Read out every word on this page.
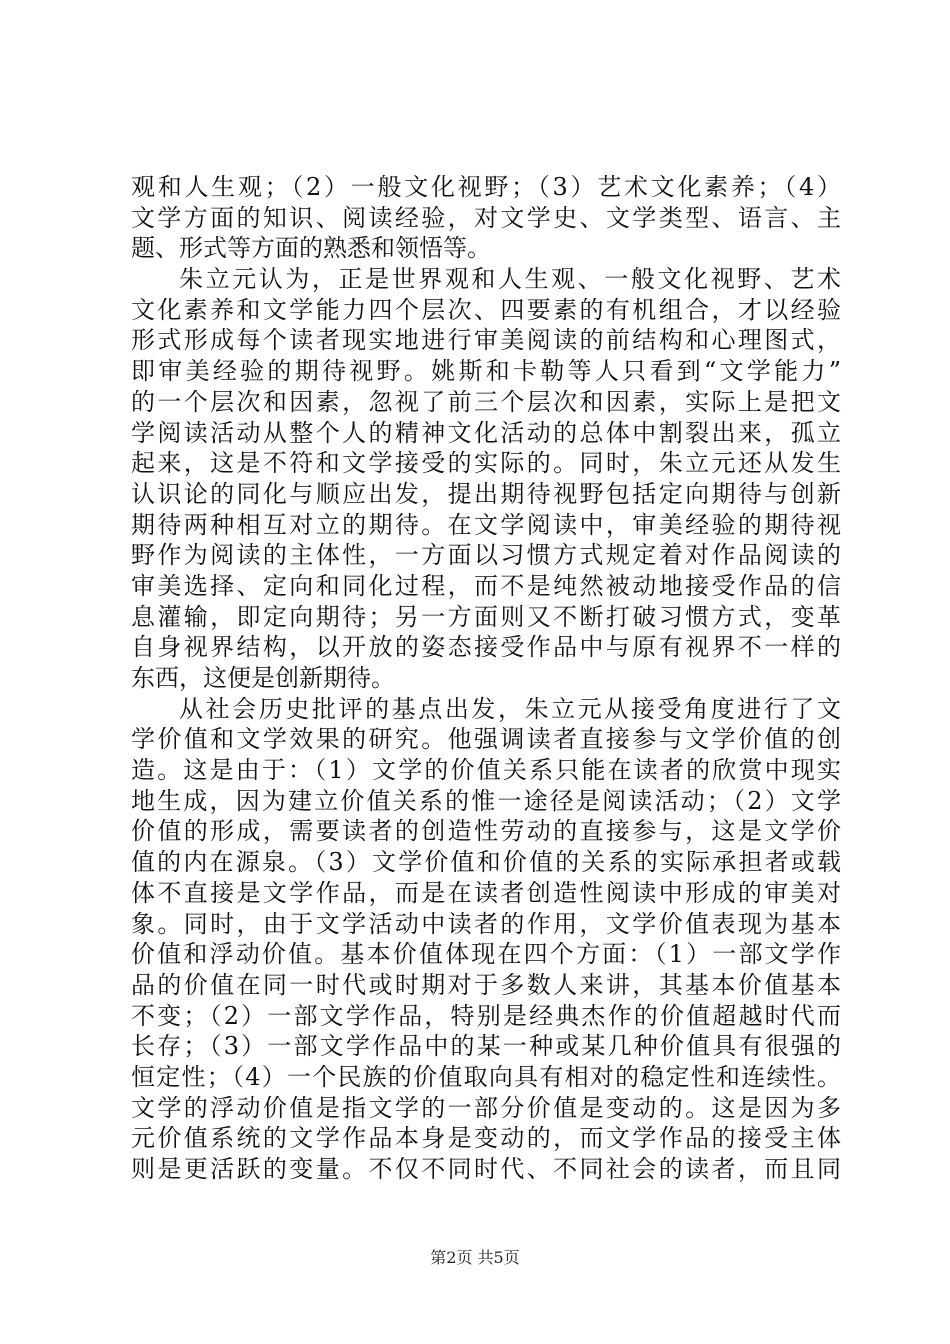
观和人生观；（2）一般文化视野；（3）艺术文化素养；（4）
文学方面的知识、阅读经验，对文学史、文学类型、语言、主
题、形式等方面的熟悉和领悟等。
朱立元认为，正是世界观和人生观、一般文化视野、艺术
文化素养和文学能力四个层次、四要素的有机组合，才以经验
形式形成每个读者现实地进行审美阅读的前结构和心理图式，
即审美经验的期待视野。姚斯和卡勒等人只看到“文学能力”
的一个层次和因素，忽视了前三个层次和因素，实际上是把文
学阅读活动从整个人的精神文化活动的总体中割裂出来，孤立
起来，这是不符和文学接受的实际的。同时，朱立元还从发生
认识论的同化与顺应出发，提出期待视野包括定向期待与创新
期待两种相互对立的期待。在文学阅读中，审美经验的期待视
野作为阅读的主体性，一方面以习惯方式规定着对作品阅读的
审美选择、定向和同化过程，而不是纯然被动地接受作品的信
息灌输，即定向期待；另一方面则又不断打破习惯方式，变革
自身视界结构，以开放的姿态接受作品中与原有视界不一样的
东西，这便是创新期待。
从社会历史批评的基点出发，朱立元从接受角度进行了文
学价值和文学效果的研究。他强调读者直接参与文学价值的创
造。这是由于：（1）文学的价值关系只能在读者的欣赏中现实
地生成，因为建立价值关系的惟一途径是阅读活动；（2）文学
价值的形成，需要读者的创造性劳动的直接参与，这是文学价
值的内在源泉。（3）文学价值和价值的关系的实际承担者或载
体不直接是文学作品，而是在读者创造性阅读中形成的审美对
象。同时，由于文学活动中读者的作用，文学价值表现为基本
价值和浮动价值。基本价值体现在四个方面：（1）一部文学作
品的价值在同一时代或时期对于多数人来讲，其基本价值基本
不变；（2）一部文学作品，特别是经典杰作的价值超越时代而
长存；（3）一部文学作品中的某一种或某几种价值具有很强的
恒定性；（4）一个民族的价值取向具有相对的稳定性和连续性。
文学的浮动价值是指文学的一部分价值是变动的。这是因为多
元价值系统的文学作品本身是变动的，而文学作品的接受主体
则是更活跃的变量。不仅不同时代、不同社会的读者，而且同
第2页 共5页
